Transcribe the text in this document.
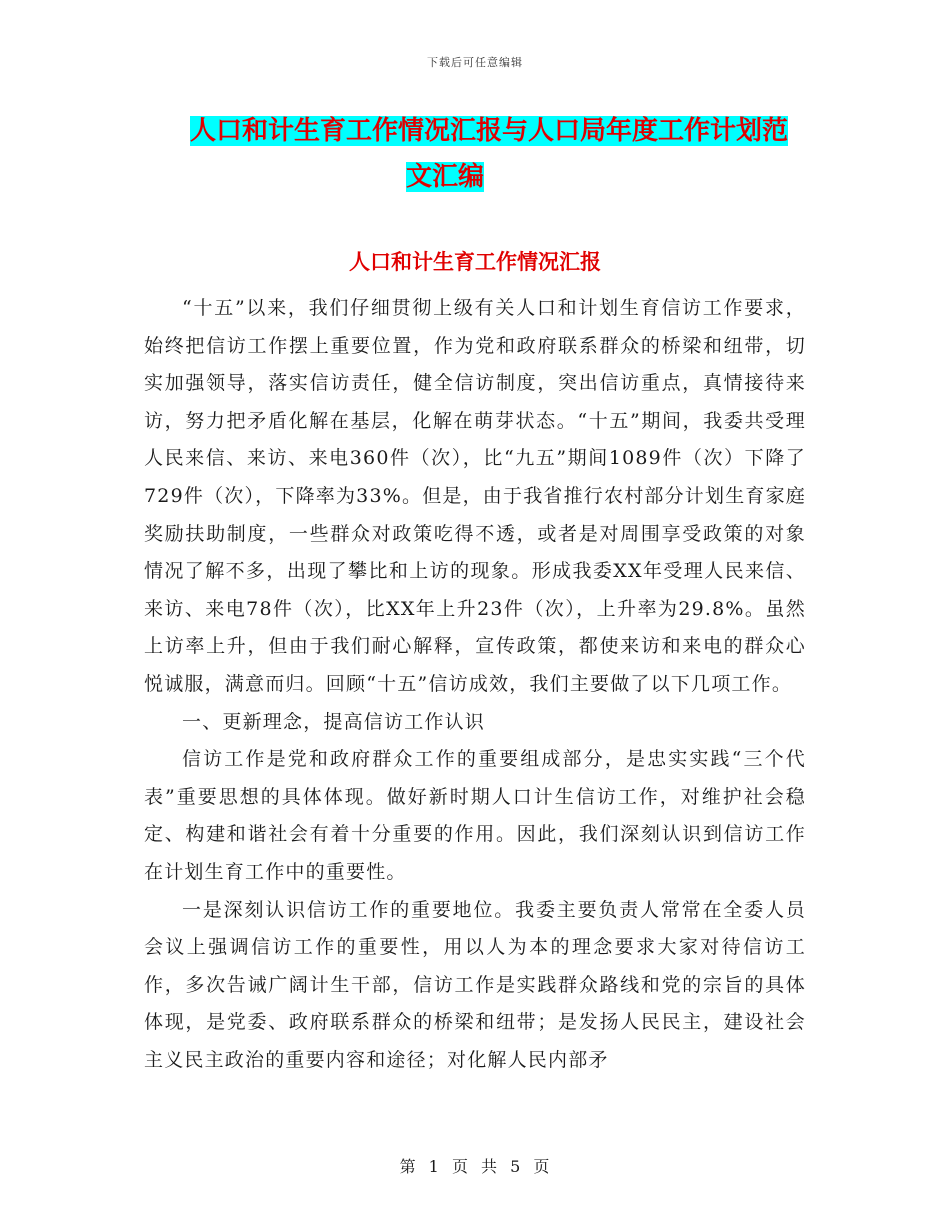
下载后可任意编辑
人口和计生育工作情况汇报与人口局年度工作计划范
文汇编
人口和计生育工作情况汇报

“十五”以来，我们仔细贯彻上级有关人口和计划生育信访工作要求，始终把信访工作摆上重要位置，作为党和政府联系群众的桥梁和纽带，切实加强领导，落实信访责任，健全信访制度，突出信访重点，真情接待来访，努力把矛盾化解在基层，化解在萌芽状态。“十五”期间，我委共受理人民来信、来访、来电360件（次），比“九五”期间1089件（次）下降了729件（次），下降率为33%。但是，由于我省推行农村部分计划生育家庭奖励扶助制度，一些群众对政策吃得不透，或者是对周围享受政策的对象情况了解不多，出现了攀比和上访的现象。形成我委XX年受理人民来信、来访、来电78件（次），比XX年上升23件（次），上升率为29.8%。虽然上访率上升，但由于我们耐心解释，宣传政策，都使来访和来电的群众心悦诚服，满意而归。回顾“十五”信访成效，我们主要做了以下几项工作。

一、更新理念，提高信访工作认识

信访工作是党和政府群众工作的重要组成部分，是忠实实践“三个代表”重要思想的具体体现。做好新时期人口计生信访工作，对维护社会稳定、构建和谐社会有着十分重要的作用。因此，我们深刻认识到信访工作在计划生育工作中的重要性。

一是深刻认识信访工作的重要地位。我委主要负责人常常在全委人员会议上强调信访工作的重要性，用以人为本的理念要求大家对待信访工作，多次告诫广阔计生干部，信访工作是实践群众路线和党的宗旨的具体体现，是党委、政府联系群众的桥梁和纽带；是发扬人民民主，建设社会主义民主政治的重要内容和途径；对化解人民内部矛

第 1 页 共 5 页
